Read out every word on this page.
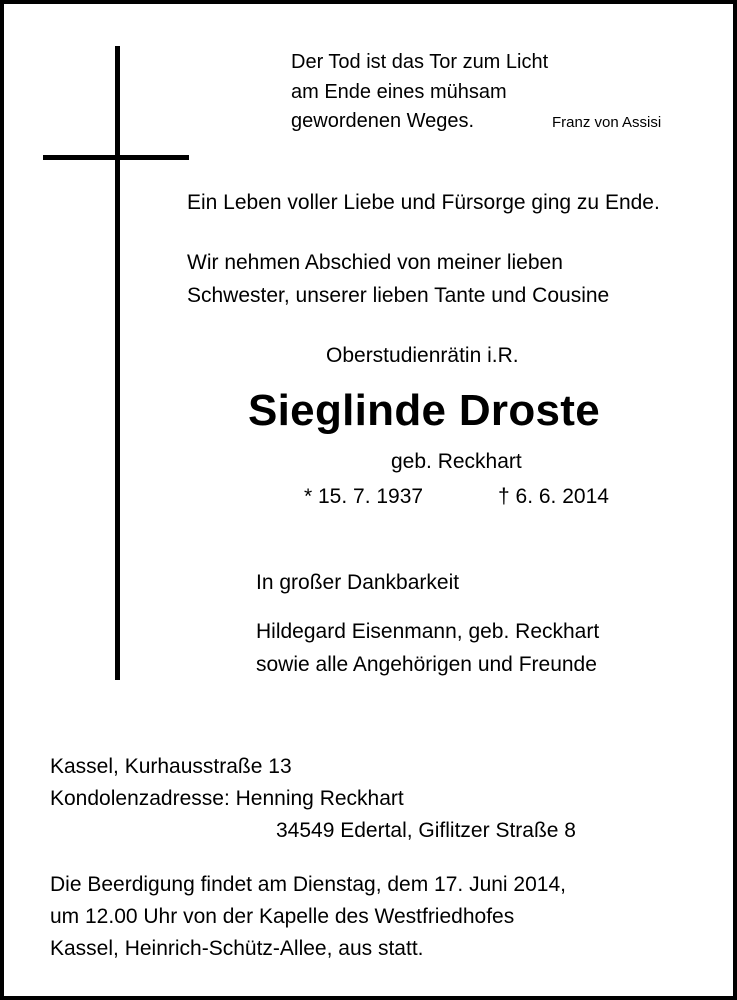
Der Tod ist das Tor zum Licht
am Ende eines mühsam
gewordenen Weges.	Franz von Assisi
Ein Leben voller Liebe und Fürsorge ging zu Ende.
Wir nehmen Abschied von meiner lieben
Schwester, unserer lieben Tante und Cousine
Oberstudienrätin i.R.
Sieglinde Droste
geb. Reckhart
* 15. 7. 1937	† 6. 6. 2014
In großer Dankbarkeit
Hildegard Eisenmann, geb. Reckhart
sowie alle Angehörigen und Freunde
Kassel, Kurhausstraße 13
Kondolenzadresse: Henning Reckhart
34549 Edertal, Giflitzer Straße 8
Die Beerdigung findet am Dienstag, dem 17. Juni 2014,
um 12.00 Uhr von der Kapelle des Westfriedhofes
Kassel, Heinrich-Schütz-Allee, aus statt.
